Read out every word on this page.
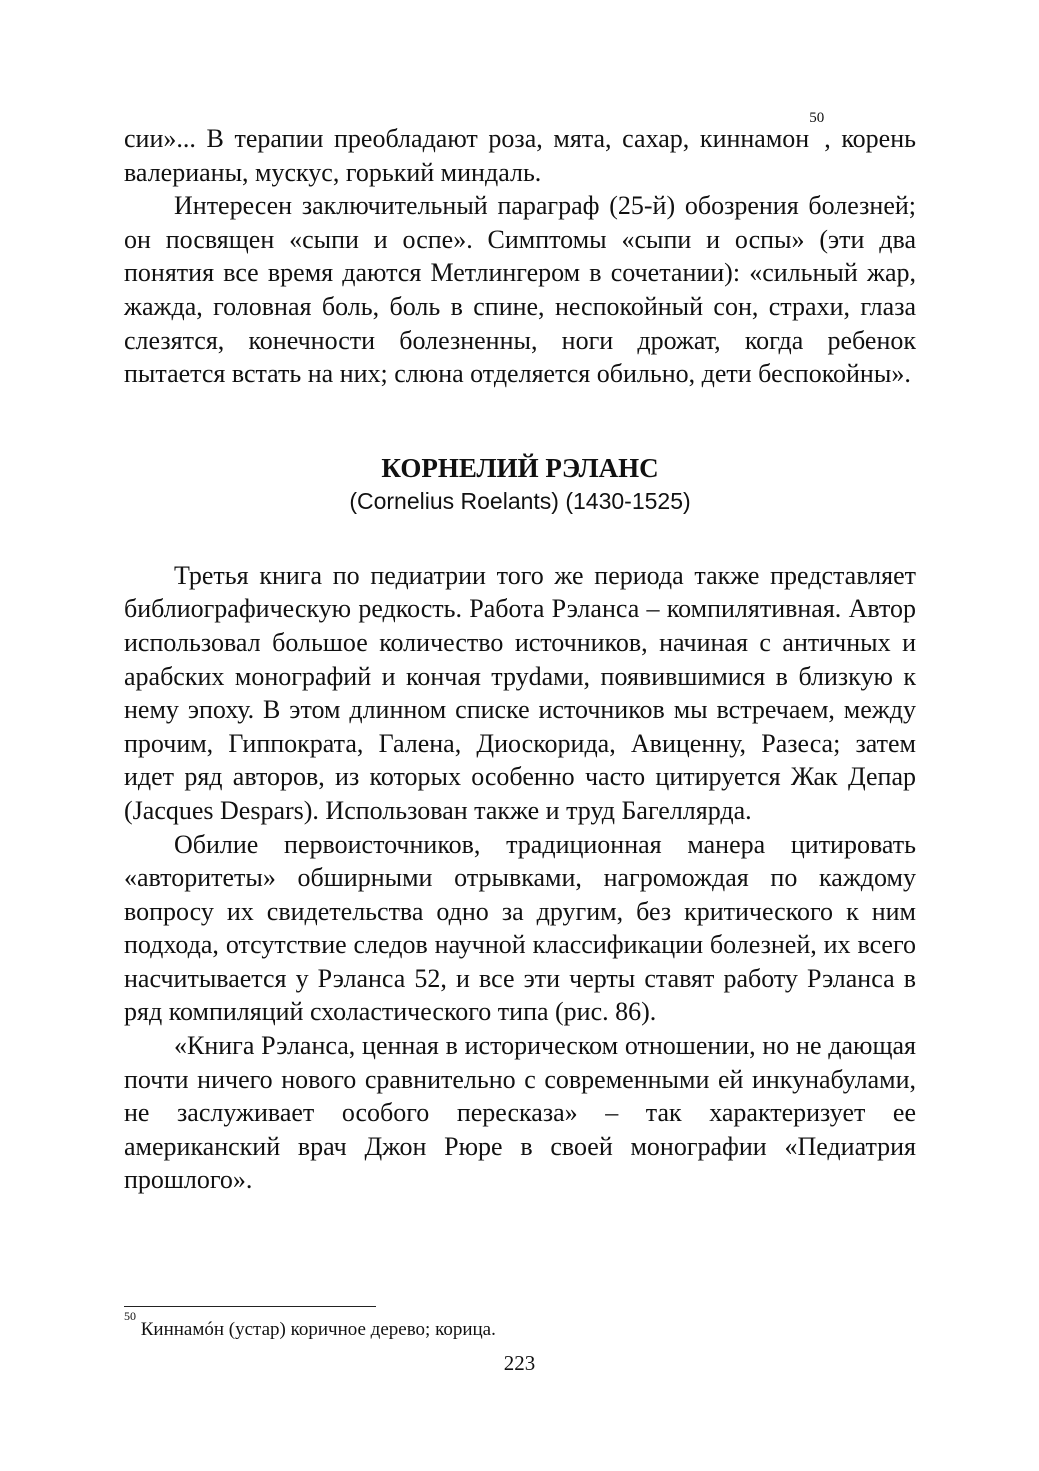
сии»... В терапии преобладают роза, мята, сахар, киннамон$^{50}$, корень валерианы, мускус, горький миндаль.

Интересен заключительный параграф (25-й) обозрения болезней; он посвящен «сыпи и оспе». Симптомы «сыпи и оспы» (эти два понятия все время даются Метлингером в сочетании): «сильный жар, жажда, головная боль, боль в спине, неспокойный сон, страхи, глаза слезятся, конечности болезненны, ноги дрожат, когда ребенок пытается встать на них; слюна отделяется обильно, дети беспокойны».

КОРНЕЛИЙ РЭЛАНС
(Cornelius Roelants) (1430-1525)

Третья книга по педиатрии того же периода также представляет библиографическую редкость. Работа Рэланса – компилятивная. Автор использовал большое количество источников, начиная с античных и арабских монографий и кончая труdами, появившимися в близкую к нему эпоху. В этом длинном списке источников мы встречаем, между прочим, Гиппократа, Галена, Диоскорида, Авиценну, Разеса; затем идет ряд авторов, из которых особенно часто цитируется Жак Депар (Jacques Despars). Использован также и труд Багеллярда.

Обилие первоисточников, традиционная манера цитировать «авторитеты» обширными отрывками, нагромождая по каждому вопросу их свидетельства одно за другим, без критического к ним подхода, отсутствие следов научной классификации болезней, их всего насчитывается у Рэланса 52, и все эти черты ставят работу Рэланса в ряд компиляций схоластического типа (рис. 86).

«Книга Рэланса, ценная в историческом отношении, но не дающая почти ничего нового сравнительно с современными ей инкунабулами, не заслуживает особого пересказа» – так характеризует ее американский врач Джон Рюре в своей монографии «Педиатрия прошлого».

$^{50}$ Киннамóн (устар) коричное дерево; корица.

223
